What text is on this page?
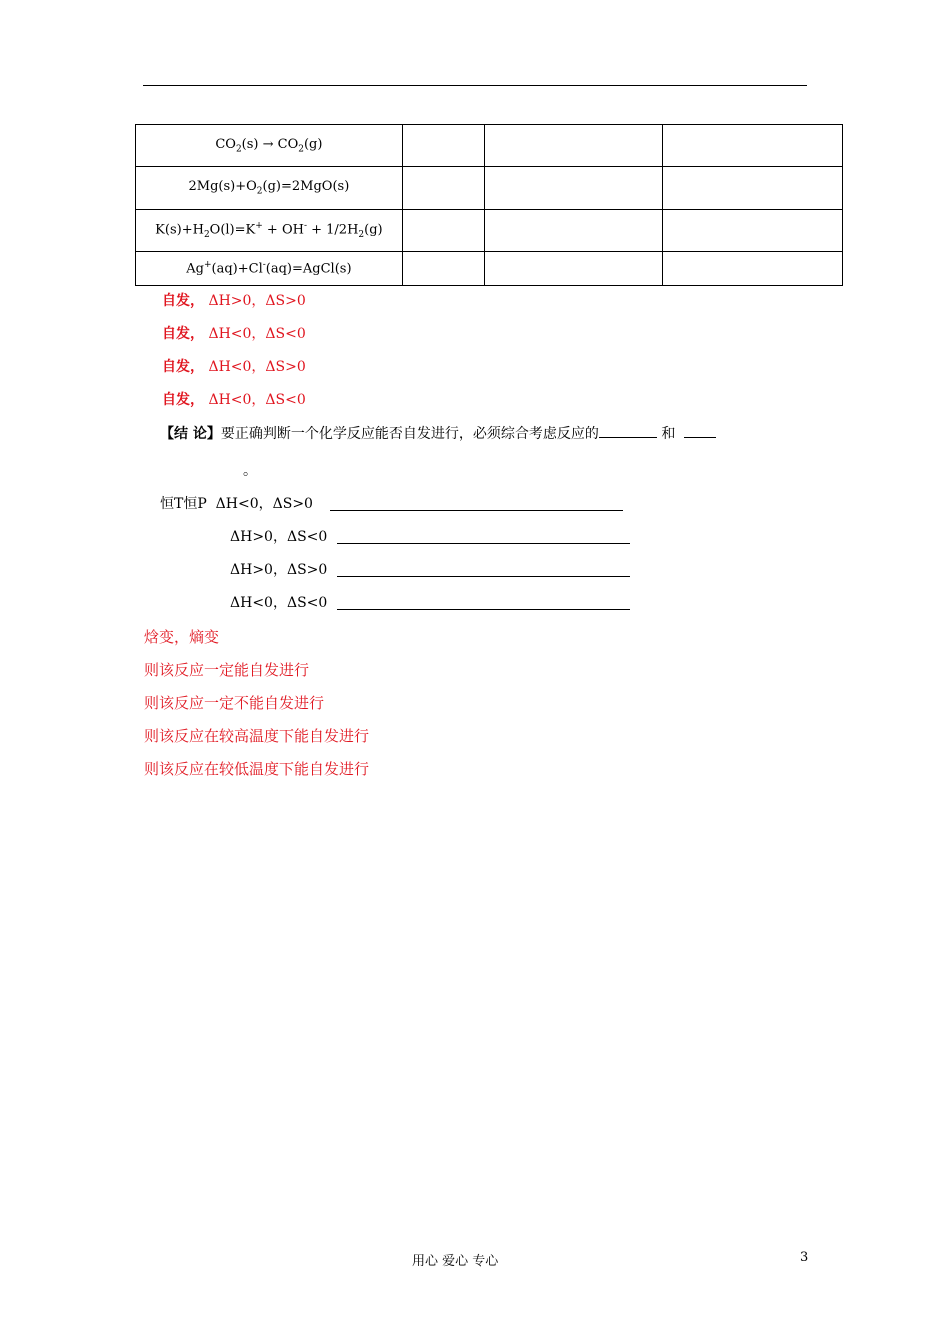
$CO_2(s) \to CO_2(g)$			
$2Mg(s)+O_2(g)=2MgO(s)$			
$K(s)+H_2O(l)=K^+ + OH^- + 1/2H_2(g)$			
Ag+(aq)+Cl-(aq)=AgCl(s)			
自发， ΔH>0，ΔS>0
自发， ΔH<0，ΔS<0
自发， ΔH<0，ΔS>0
自发， ΔH<0，ΔS<0
【结 论】要正确判断一个化学反应能否自发进行，必须综合考虑反应的	和
。
恒T恒P ΔH<0，ΔS>0
ΔH>0，ΔS<0
ΔH>0，ΔS>0
ΔH<0，ΔS<0
焓变，熵变
则该反应一定能自发进行
则该反应一定不能自发进行
则该反应在较高温度下能自发进行
则该反应在较低温度下能自发进行
用心 爱心 专心	3
